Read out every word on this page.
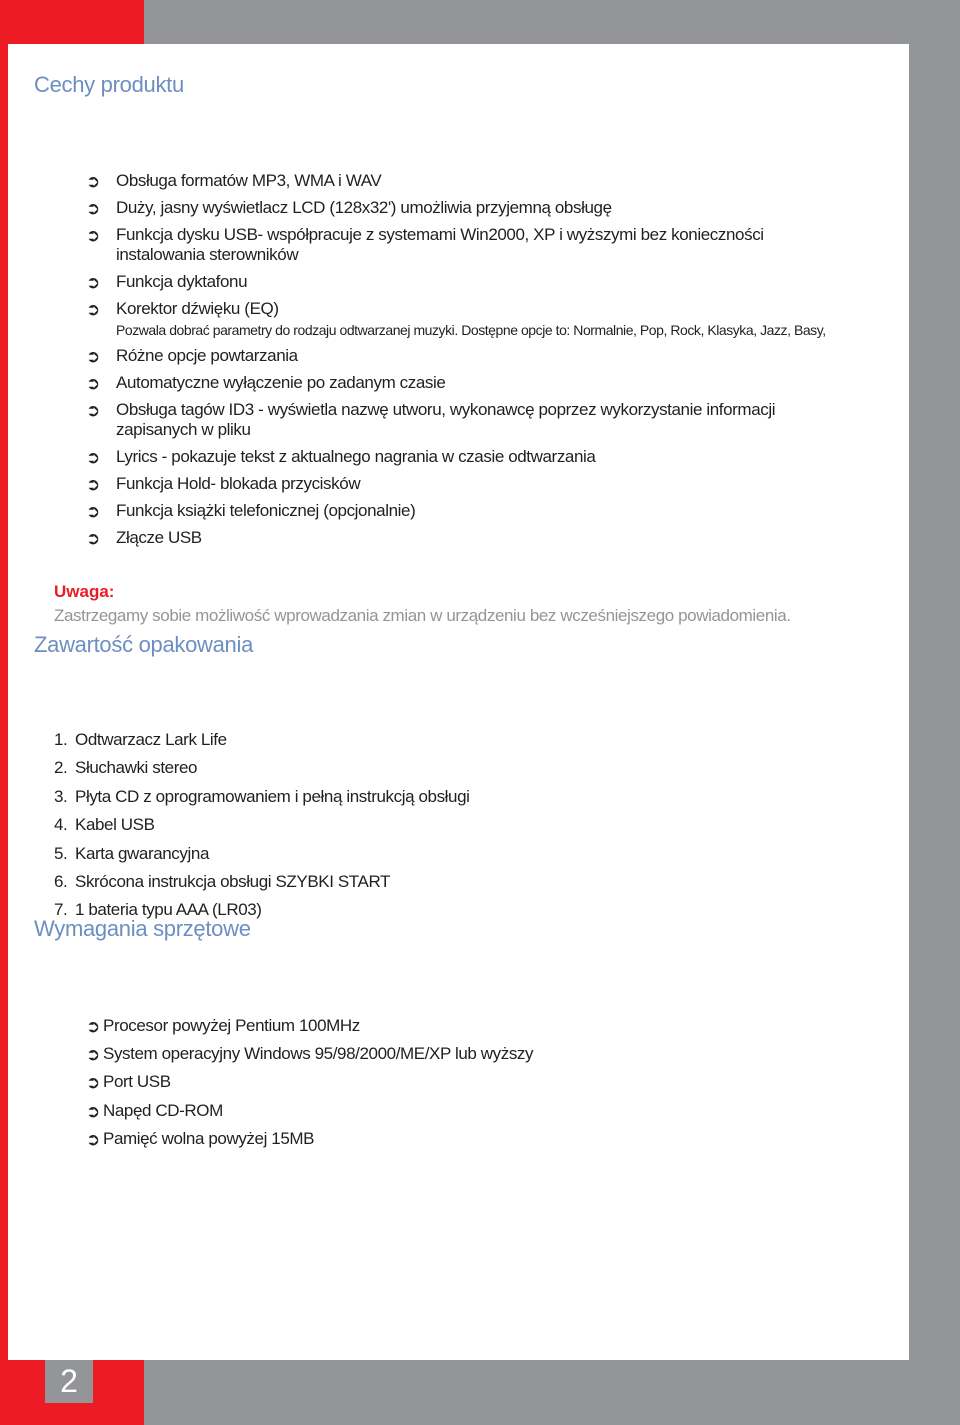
Cechy produktu
➲ Obsługa formatów MP3, WMA i WAV
➲ Duży, jasny wyświetlacz LCD (128x32') umożliwia przyjemną obsługę
➲ Funkcja dysku USB- współpracuje z systemami Win2000, XP i wyższymi bez konieczności instalowania sterowników
➲ Funkcja dyktafonu
➲ Korektor dźwięku (EQ)
Pozwala dobrać parametry do rodzaju odtwarzanej muzyki. Dostępne opcje to: Normalnie, Pop, Rock, Klasyka, Jazz, Basy,
➲ Różne opcje powtarzania
➲ Automatyczne wyłączenie po zadanym czasie
➲ Obsługa tagów ID3 - wyświetla nazwę utworu, wykonawcę poprzez wykorzystanie informacji zapisanych w pliku
➲ Lyrics - pokazuje tekst z aktualnego nagrania w czasie odtwarzania
➲ Funkcja Hold- blokada przycisków
➲ Funkcja książki telefonicznej (opcjonalnie)
➲ Złącze USB
Uwaga:
Zastrzegamy sobie możliwość wprowadzania zmian w urządzeniu bez wcześniejszego powiadomienia.
Zawartość opakowania
1. Odtwarzacz Lark Life
2. Słuchawki stereo
3. Płyta CD z oprogramowaniem i pełną instrukcją obsługi
4. Kabel USB
5. Karta gwarancyjna
6. Skrócona instrukcja obsługi SZYBKI START
7. 1 bateria typu AAA (LR03)
Wymagania sprzętowe
➲ Procesor powyżej Pentium 100MHz
➲ System operacyjny Windows 95/98/2000/ME/XP lub wyższy
➲ Port USB
➲ Napęd CD-ROM
➲ Pamięć wolna powyżej 15MB
2
